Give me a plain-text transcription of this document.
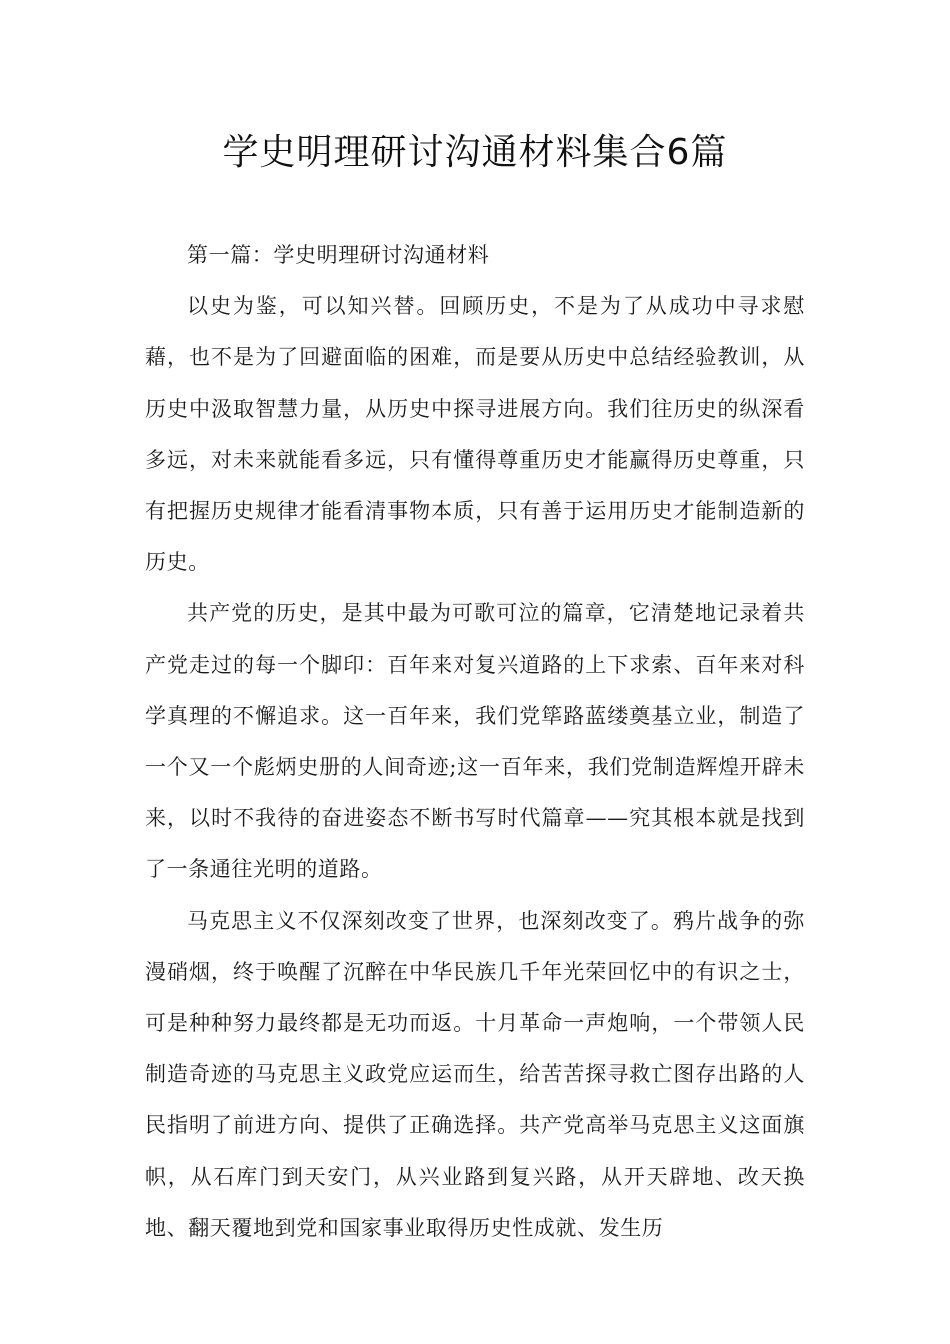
学史明理研讨沟通材料集合6篇

第一篇：学史明理研讨沟通材料

以史为鉴，可以知兴替。回顾历史，不是为了从成功中寻求慰藉，也不是为了回避面临的困难，而是要从历史中总结经验教训，从历史中汲取智慧力量，从历史中探寻进展方向。我们往历史的纵深看多远，对未来就能看多远，只有懂得尊重历史才能赢得历史尊重，只有把握历史规律才能看清事物本质，只有善于运用历史才能制造新的历史。

共产党的历史，是其中最为可歌可泣的篇章，它清楚地记录着共产党走过的每一个脚印：百年来对复兴道路的上下求索、百年来对科学真理的不懈追求。这一百年来，我们党筚路蓝缕奠基立业，制造了一个又一个彪炳史册的人间奇迹;这一百年来，我们党制造辉煌开辟未来，以时不我待的奋进姿态不断书写时代篇章——究其根本就是找到了一条通往光明的道路。

马克思主义不仅深刻改变了世界，也深刻改变了。鸦片战争的弥漫硝烟，终于唤醒了沉醉在中华民族几千年光荣回忆中的有识之士，可是种种努力最终都是无功而返。十月革命一声炮响，一个带领人民制造奇迹的马克思主义政党应运而生，给苦苦探寻救亡图存出路的人民指明了前进方向、提供了正确选择。共产党高举马克思主义这面旗帜，从石库门到天安门，从兴业路到复兴路，从开天辟地、改天换地、翻天覆地到党和国家事业取得历史性成就、发生历
